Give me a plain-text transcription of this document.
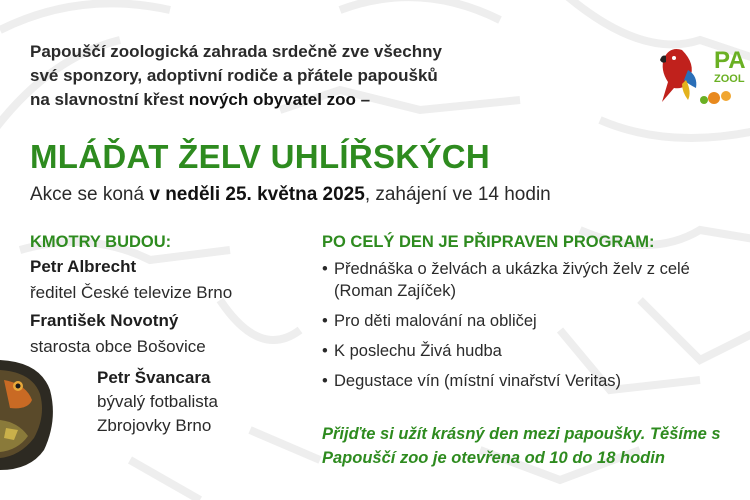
Papouščí zoologická zahrada srdečně zve všechny
své sponzory, adoptivní rodiče a přátele papoušků
na slavnostní křest nových obyvatel zoo –
MLÁĎAT ŽELV UHLÍŘSKÝCH
Akce se koná v neděli 25. května 2025, zahájení ve 14 hodin
KMOTRY BUDOU:
Petr Albrecht
ředitel České televize Brno
František Novotný
starosta obce Bošovice
Petr Švancara
bývalý fotbalista
Zbrojovky Brno
PO CELÝ DEN JE PŘIPRAVEN PROGRAM:
• Přednáška o želvách a ukázka živých želv z celé
(Roman Zajíček)
• Pro děti malování na obličej
• K poslechu Živá hudba
• Degustace vín (místní vinařství Veritas)
Přijďte si užít krásný den mezi papoušky. Těšíme s
Papouščí zoo je otevřena od 10 do 18 hodin
PA
ZOOL
